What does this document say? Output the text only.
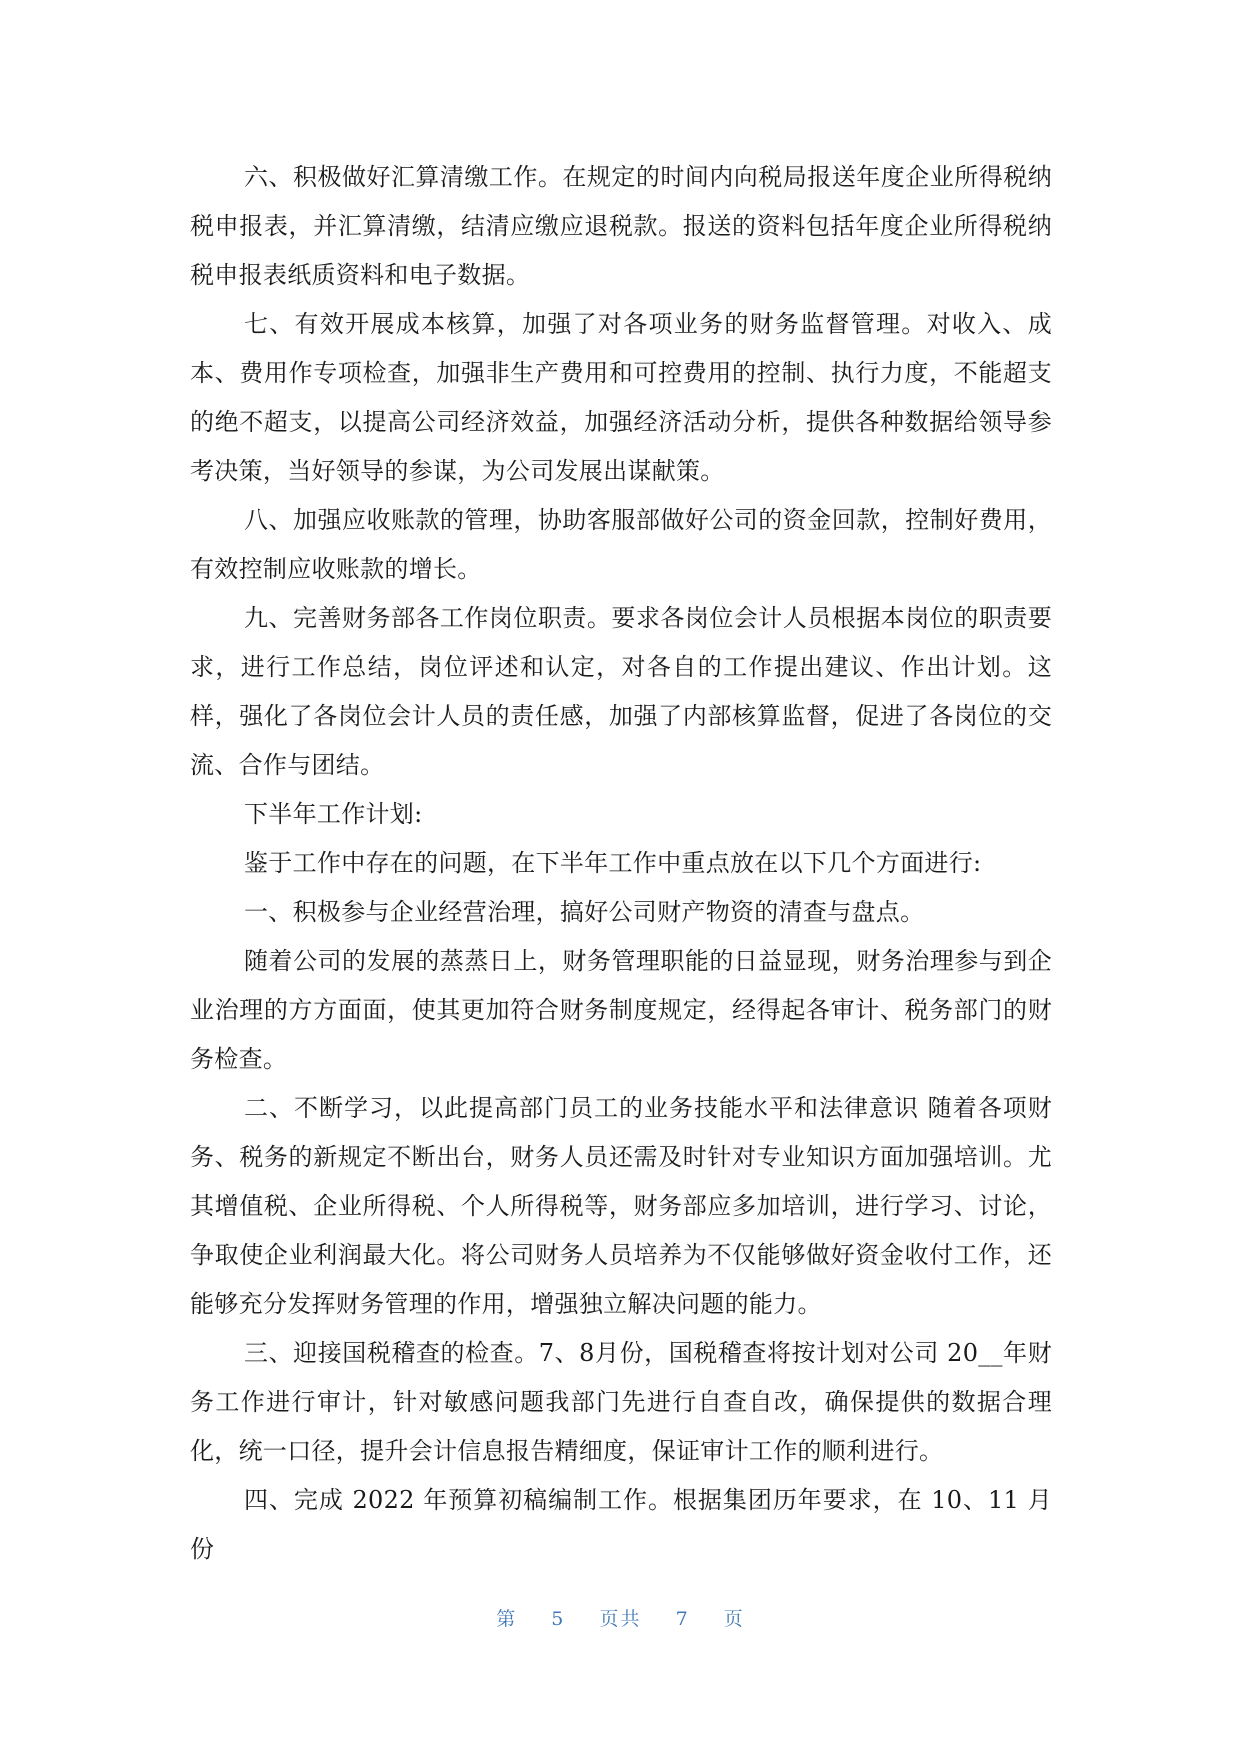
六、积极做好汇算清缴工作。在规定的时间内向税局报送年度企业所得税纳税申报表，并汇算清缴，结清应缴应退税款。报送的资料包括年度企业所得税纳税申报表纸质资料和电子数据。

七、有效开展成本核算，加强了对各项业务的财务监督管理。对收入、成本、费用作专项检查，加强非生产费用和可控费用的控制、执行力度，不能超支的绝不超支，以提高公司经济效益，加强经济活动分析，提供各种数据给领导参考决策，当好领导的参谋，为公司发展出谋献策。

八、加强应收账款的管理，协助客服部做好公司的资金回款，控制好费用，有效控制应收账款的增长。

九、完善财务部各工作岗位职责。要求各岗位会计人员根据本岗位的职责要求，进行工作总结，岗位评述和认定，对各自的工作提出建议、作出计划。这样，强化了各岗位会计人员的责任感，加强了内部核算监督，促进了各岗位的交流、合作与团结。

下半年工作计划:

鉴于工作中存在的问题，在下半年工作中重点放在以下几个方面进行:

一、积极参与企业经营治理，搞好公司财产物资的清查与盘点。

随着公司的发展的蒸蒸日上，财务管理职能的日益显现，财务治理参与到企业治理的方方面面，使其更加符合财务制度规定，经得起各审计、税务部门的财务检查。

二、不断学习，以此提高部门员工的业务技能水平和法律意识 随着各项财务、税务的新规定不断出台，财务人员还需及时针对专业知识方面加强培训。尤其增值税、企业所得税、个人所得税等，财务部应多加培训，进行学习、讨论，争取使企业利润最大化。将公司财务人员培养为不仅能够做好资金收付工作，还能够充分发挥财务管理的作用，增强独立解决问题的能力。

三、迎接国税稽查的检查。7、8月份，国税稽查将按计划对公司 20__年财务工作进行审计，针对敏感问题我部门先进行自查自改，确保提供的数据合理化，统一口径，提升会计信息报告精细度，保证审计工作的顺利进行。

四、完成 2022 年预算初稿编制工作。根据集团历年要求，在 10、11 月份

第 5 页共 7 页
